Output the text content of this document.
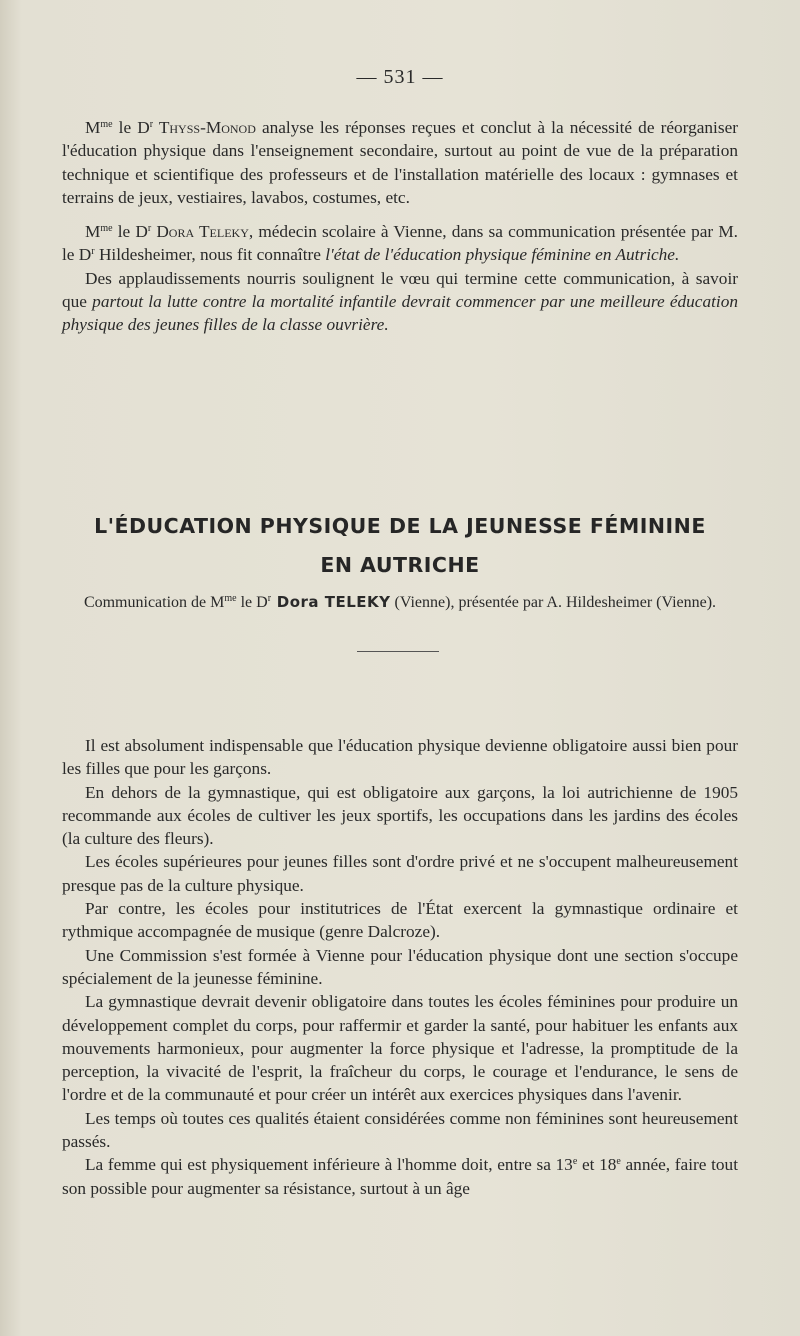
— 531 —

$M^{me}$ le $D^r$ Thyss-Monod analyse les réponses reçues et conclut à la nécessité de réorganiser l'éducation physique dans l'enseignement secondaire, surtout au point de vue de la préparation technique et scientifique des professeurs et de l'installation matérielle des locaux : gymnases et terrains de jeux, vestiaires, lavabos, costumes, etc.

$M^{me}$ le $D^r$ Dora Teleky, médecin scolaire à Vienne, dans sa communication présentée par M. le $D^r$ Hildesheimer, nous fit connaître l'état de l'éducation physique féminine en Autriche.

Des applaudissements nourris soulignent le vœu qui termine cette communication, à savoir que partout la lutte contre la mortalité infantile devrait commencer par une meilleure éducation physique des jeunes filles de la classe ouvrière.

L'ÉDUCATION PHYSIQUE DE LA JEUNESSE FÉMININE
EN AUTRICHE
Communication de $M^{me}$ le $D^r$ Dora TELEKY (Vienne), présentée par A. Hildesheimer (Vienne).

Il est absolument indispensable que l'éducation physique devienne obligatoire aussi bien pour les filles que pour les garçons.

En dehors de la gymnastique, qui est obligatoire aux garçons, la loi autrichienne de 1905 recommande aux écoles de cultiver les jeux sportifs, les occupations dans les jardins des écoles (la culture des fleurs).

Les écoles supérieures pour jeunes filles sont d'ordre privé et ne s'occupent malheureusement presque pas de la culture physique.

Par contre, les écoles pour institutrices de l'État exercent la gymnastique ordinaire et rythmique accompagnée de musique (genre Dalcroze).

Une Commission s'est formée à Vienne pour l'éducation physique dont une section s'occupe spécialement de la jeunesse féminine.

La gymnastique devrait devenir obligatoire dans toutes les écoles féminines pour produire un développement complet du corps, pour raffermir et garder la santé, pour habituer les enfants aux mouvements harmonieux, pour augmenter la force physique et l'adresse, la promptitude de la perception, la vivacité de l'esprit, la fraîcheur du corps, le courage et l'endurance, le sens de l'ordre et de la communauté et pour créer un intérêt aux exercices physiques dans l'avenir.

Les temps où toutes ces qualités étaient considérées comme non féminines sont heureusement passés.

La femme qui est physiquement inférieure à l'homme doit, entre sa 13e et 18e année, faire tout son possible pour augmenter sa résistance, surtout à un âge
